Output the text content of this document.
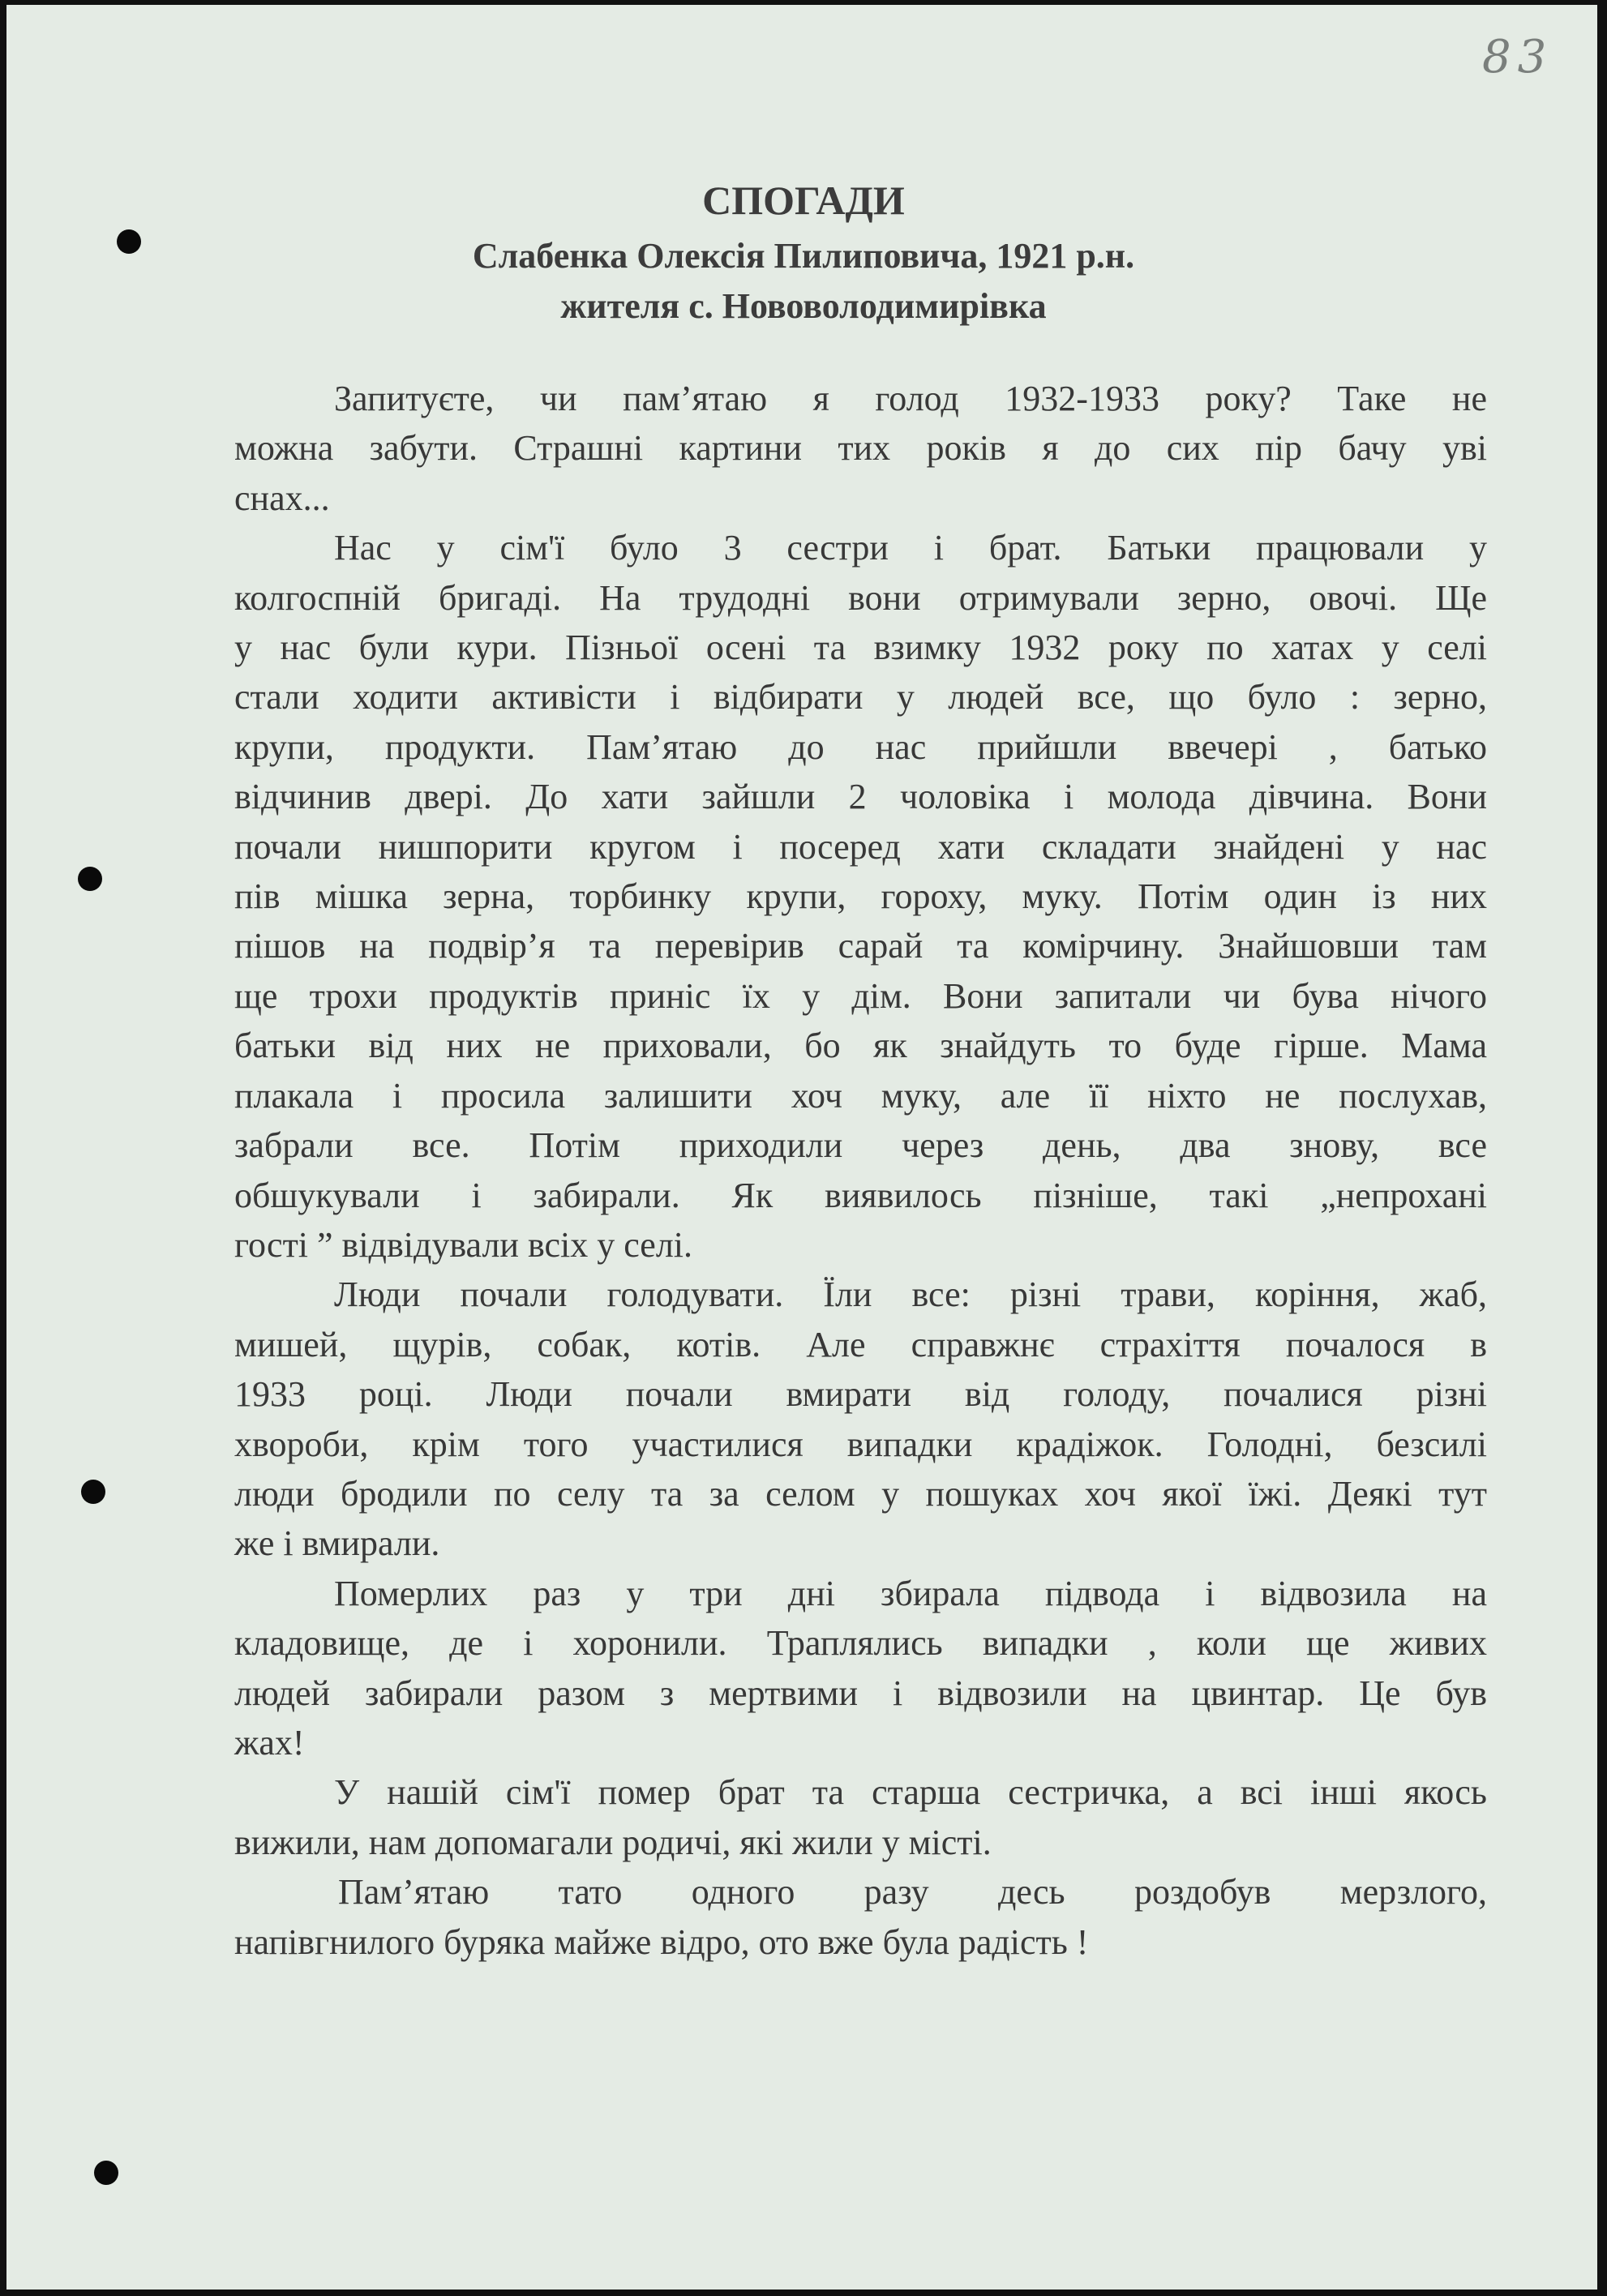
83
СПОГАДИ
Слабенка Олексія Пилиповича, 1921 р.н.
жителя с. Нововолодимирівка
Запитуєте, чи пам’ятаю я голод 1932-1933 року? Таке не
можна забути. Страшні картини тих років я до сих пір бачу уві
снах...
Нас у сім'ї було 3 сестри і брат. Батьки працювали у
колгоспній бригаді. На трудодні вони отримували зерно, овочі. Ще
у нас були кури. Пізньої осені та взимку 1932 року по хатах у селі
стали ходити активісти і відбирати у людей все, що було : зерно,
крупи, продукти. Пам’ятаю до нас прийшли ввечері , батько
відчинив двері. До хати зайшли 2 чоловіка і молода дівчина. Вони
почали нишпорити кругом і посеред хати складати знайдені у нас
пів мішка зерна, торбинку крупи, гороху, муку. Потім один із них
пішов на подвір’я та перевірив сарай та комірчину. Знайшовши там
ще трохи продуктів приніс їх у дім. Вони запитали чи бува нічого
батьки від них не приховали, бо як знайдуть то буде гірше. Мама
плакала і просила залишити хоч муку, але її ніхто не послухав,
забрали все. Потім приходили через день, два знову, все
обшукували і забирали. Як виявилось пізніше, такі „непрохані
гості ” відвідували всіх у селі.
Люди почали голодувати. Їли все: різні трави, коріння, жаб,
мишей, щурів, собак, котів. Але справжнє страхіття почалося в
1933 році. Люди почали вмирати від голоду, почалися різні
хвороби, крім того участилися випадки крадіжок. Голодні, безсилі
люди бродили по селу та за селом у пошуках хоч якої їжі. Деякі тут
же і вмирали.
Померлих раз у три дні збирала підвода і відвозила на
кладовище, де і хоронили. Траплялись випадки , коли ще живих
людей забирали разом з мертвими і відвозили на цвинтар. Це був
жах!
У нашій сім'ї помер брат та старша сестричка, а всі інші якось
вижили, нам допомагали родичі, які жили у місті.
Пам’ятаю тато одного разу десь роздобув мерзлого,
напівгнилого буряка майже відро, ото вже була радість !
